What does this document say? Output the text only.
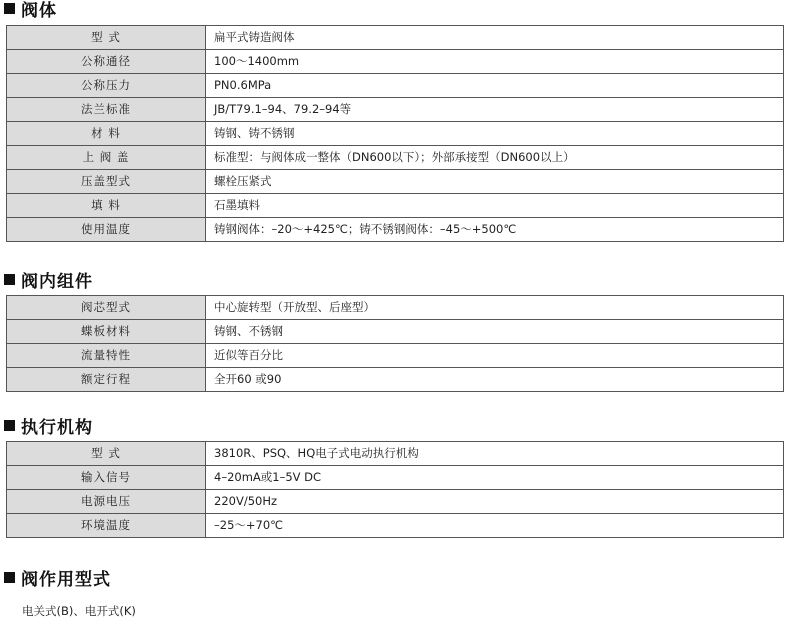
阀体
型 式	扁平式铸造阀体
公称通径	100～1400mm
公称压力	PN0.6MPa
法兰标准	JB/T79.1–94、79.2–94等
材 料	铸钢、铸不锈钢
上 阀 盖	标准型：与阀体成一整体（DN600以下）；外部承接型（DN600以上）
压盖型式	螺栓压紧式
填 料	石墨填料
使用温度	铸钢阀体：–20～+425℃；铸不锈钢阀体：–45～+500℃
阀内组件
阀芯型式	中心旋转型（开放型、后座型）
蝶板材料	铸钢、不锈钢
流量特性	近似等百分比
额定行程	全开60 或90
执行机构
型 式	3810R、PSQ、HQ电子式电动执行机构
输入信号	4–20mA或1–5V DC
电源电压	220V/50Hz
环境温度	–25～+70℃
阀作用型式
电关式(B)、电开式(K)
